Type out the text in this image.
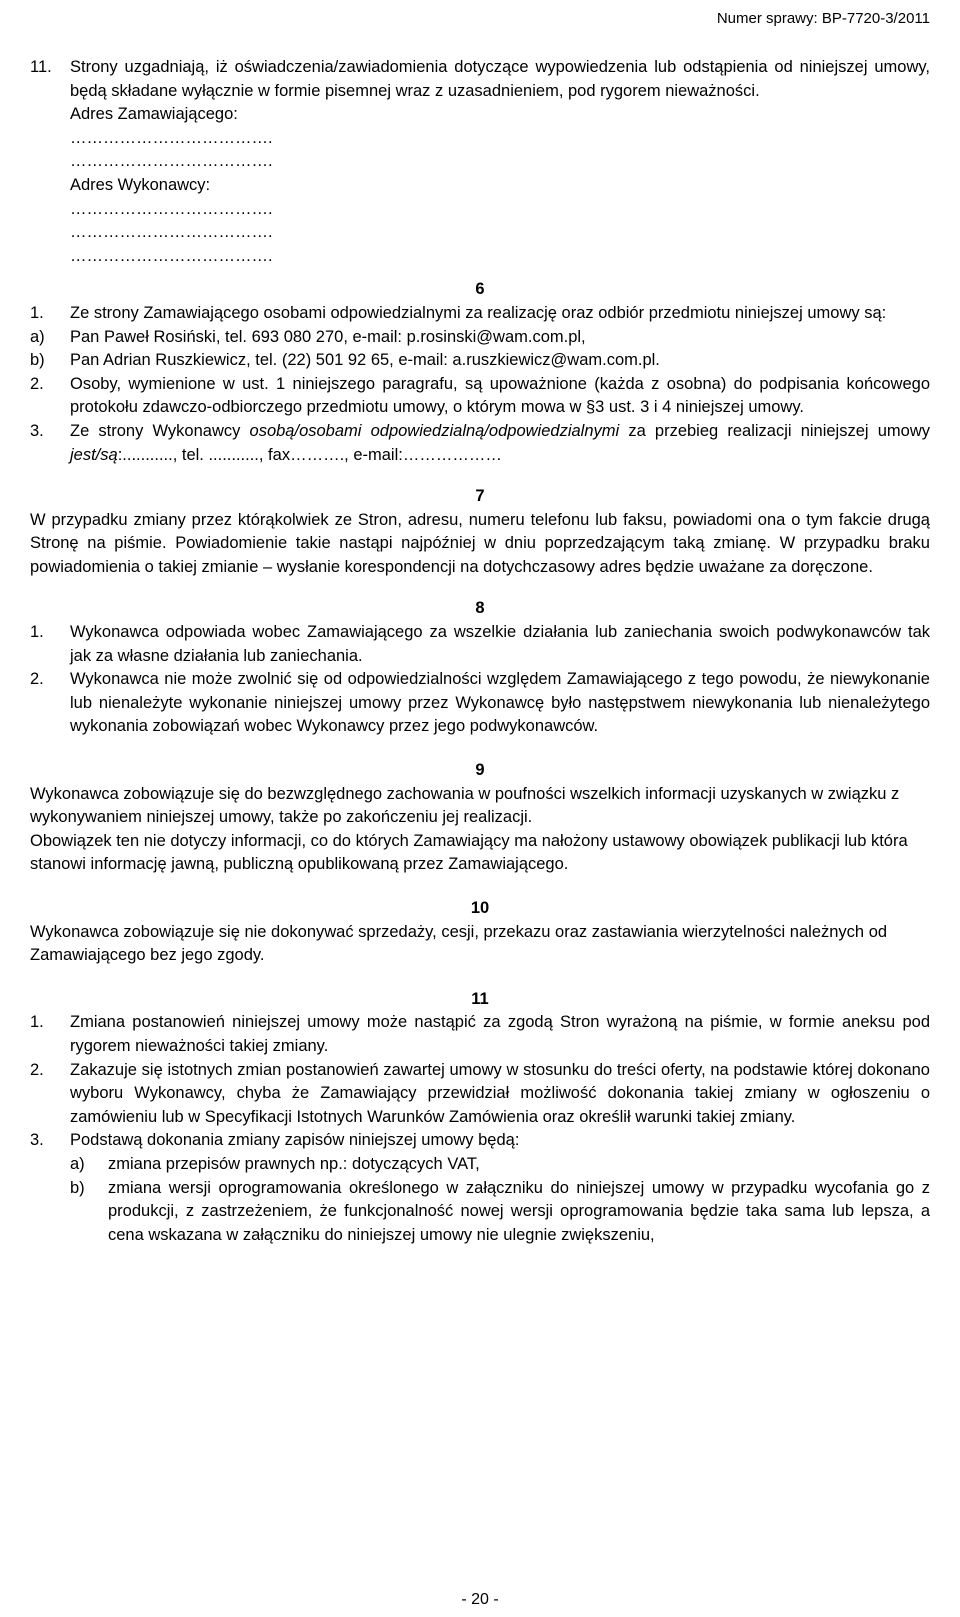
Numer sprawy: BP-7720-3/2011
11. Strony uzgadniają, iż oświadczenia/zawiadomienia dotyczące wypowiedzenia lub odstąpienia od niniejszej umowy, będą składane wyłącznie w formie pisemnej wraz z uzasadnieniem, pod rygorem nieważności.
Adres Zamawiającego:
……………………………….
……………………………….
Adres Wykonawcy:
……………………………….
……………………………….
……………………………….
6
1. Ze strony Zamawiającego osobami odpowiedzialnymi za realizację oraz odbiór przedmiotu niniejszej umowy są:
a) Pan Paweł Rosiński, tel. 693 080 270, e-mail: p.rosinski@wam.com.pl,
b) Pan Adrian Ruszkiewicz, tel. (22) 501 92 65, e-mail: a.ruszkiewicz@wam.com.pl.
2. Osoby, wymienione w ust. 1 niniejszego paragrafu, są upoważnione (każda z osobna) do podpisania końcowego protokołu zdawczo-odbiorczego przedmiotu umowy, o którym mowa w §3 ust. 3 i 4 niniejszej umowy.
3. Ze strony Wykonawcy osobą/osobami odpowiedzialną/odpowiedzialnymi za przebieg realizacji niniejszej umowy jest/są:..........., tel. ..........., fax………., e-mail:………………
7

W przypadku zmiany przez którąkolwiek ze Stron, adresu, numeru telefonu lub faksu, powiadomi ona o tym fakcie drugą Stronę na piśmie. Powiadomienie takie nastąpi najpóźniej w dniu poprzedzającym taką zmianę. W przypadku braku powiadomienia o takiej zmianie – wysłanie korespondencji na dotychczasowy adres będzie uważane za doręczone.

8
1. Wykonawca odpowiada wobec Zamawiającego za wszelkie działania lub zaniechania swoich podwykonawców tak jak za własne działania lub zaniechania.
2. Wykonawca nie może zwolnić się od odpowiedzialności względem Zamawiającego z tego powodu, że niewykonanie lub nienależyte wykonanie niniejszej umowy przez Wykonawcę było następstwem niewykonania lub nienależytego wykonania zobowiązań wobec Wykonawcy przez jego podwykonawców.
9

Wykonawca zobowiązuje się do bezwzględnego zachowania w poufności wszelkich informacji uzyskanych w związku z wykonywaniem niniejszej umowy, także po zakończeniu jej realizacji.

Obowiązek ten nie dotyczy informacji, co do których Zamawiający ma nałożony ustawowy obowiązek publikacji lub która stanowi informację jawną, publiczną opublikowaną przez Zamawiającego.

10

Wykonawca zobowiązuje się nie dokonywać sprzedaży, cesji, przekazu oraz zastawiania wierzytelności należnych od Zamawiającego bez jego zgody.

11
1. Zmiana postanowień niniejszej umowy może nastąpić za zgodą Stron wyrażoną na piśmie, w formie aneksu pod rygorem nieważności takiej zmiany.
2. Zakazuje się istotnych zmian postanowień zawartej umowy w stosunku do treści oferty, na podstawie której dokonano wyboru Wykonawcy, chyba że Zamawiający przewidział możliwość dokonania takiej zmiany w ogłoszeniu o zamówieniu lub w Specyfikacji Istotnych Warunków Zamówienia oraz określił warunki takiej zmiany.
3. Podstawą dokonania zmiany zapisów niniejszej umowy będą:
a) zmiana przepisów prawnych np.: dotyczących VAT,
b) zmiana wersji oprogramowania określonego w załączniku do niniejszej umowy w przypadku wycofania go z produkcji, z zastrzeżeniem, że funkcjonalność nowej wersji oprogramowania będzie taka sama lub lepsza, a cena wskazana w załączniku do niniejszej umowy nie ulegnie zwiększeniu,
- 20 -
